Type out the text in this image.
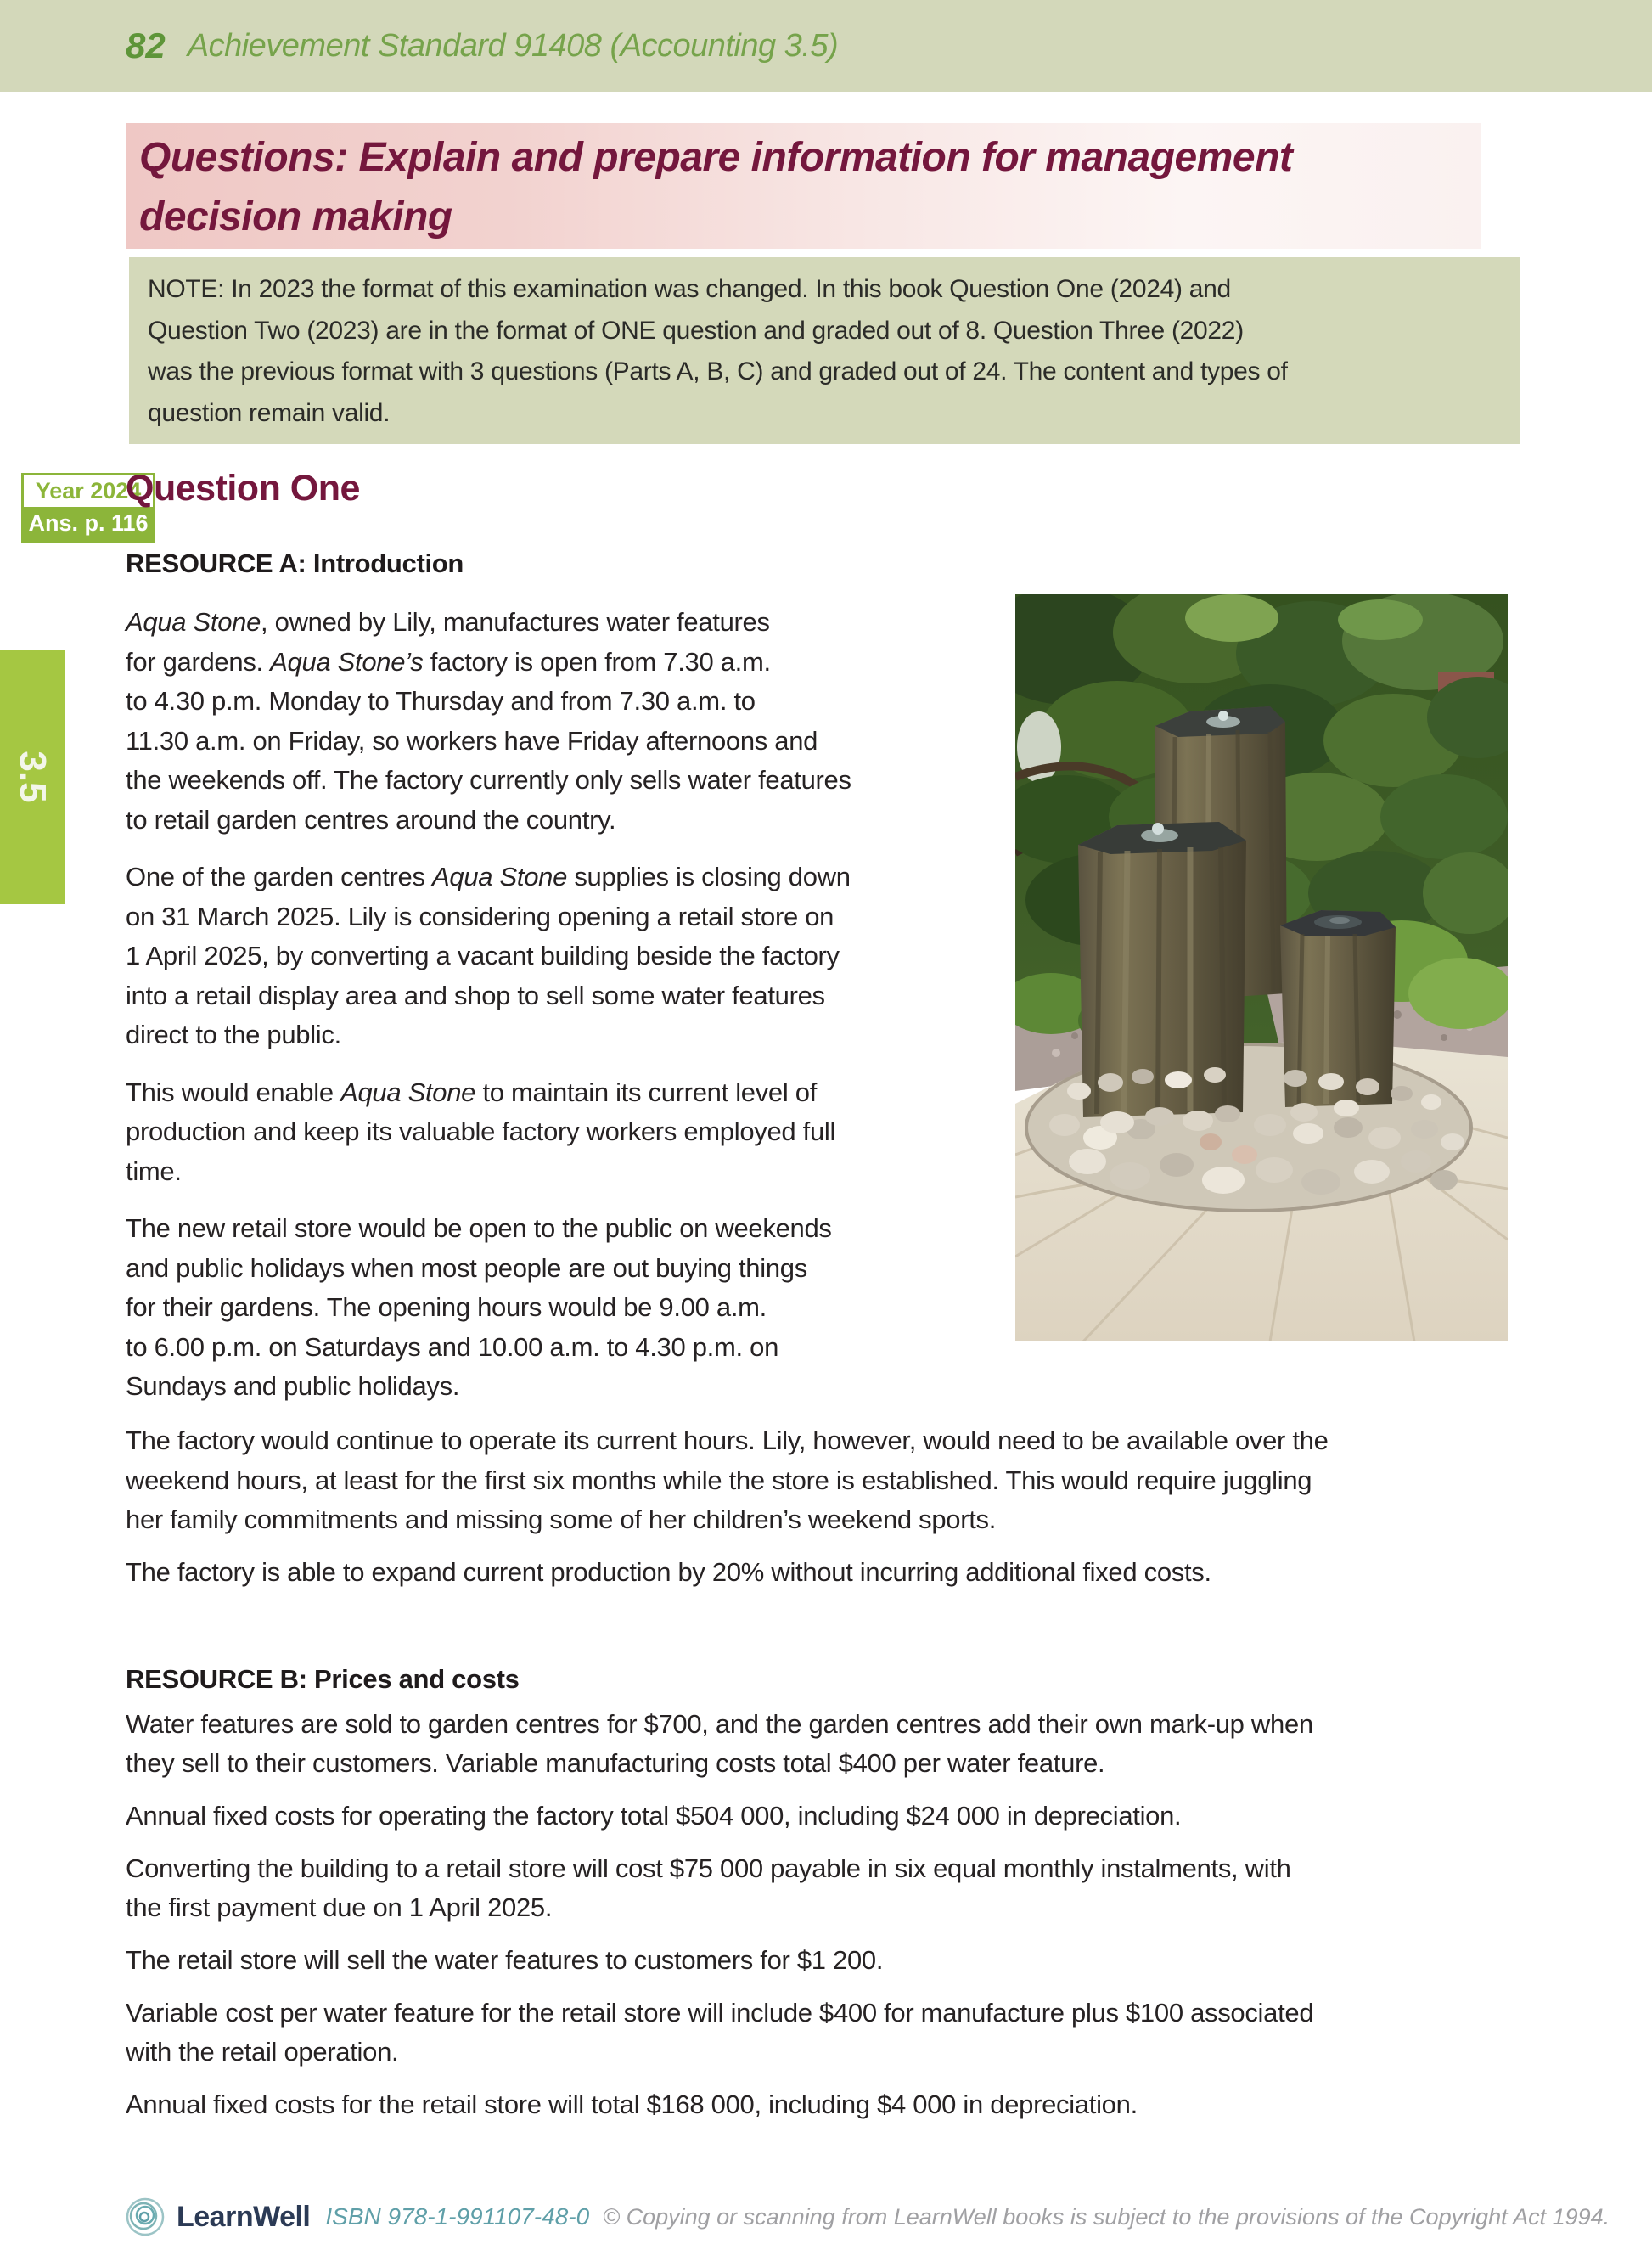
82 Achievement Standard 91408 (Accounting 3.5)
Questions: Explain and prepare information for management
decision making
NOTE: In 2023 the format of this examination was changed. In this book Question One (2024) and
Question Two (2023) are in the format of ONE question and graded out of 8. Question Three (2022)
was the previous format with 3 questions (Parts A, B, C) and graded out of 24. The content and types of
question remain valid.
Year 2024
Ans. p. 116
Question One
RESOURCE A: Introduction
Aqua Stone, owned by Lily, manufactures water features
for gardens. Aqua Stone’s factory is open from 7.30 a.m.
to 4.30 p.m. Monday to Thursday and from 7.30 a.m. to
11.30 a.m. on Friday, so workers have Friday afternoons and
the weekends off. The factory currently only sells water features
to retail garden centres around the country.
One of the garden centres Aqua Stone supplies is closing down
on 31 March 2025. Lily is considering opening a retail store on
1 April 2025, by converting a vacant building beside the factory
into a retail display area and shop to sell some water features
direct to the public.
This would enable Aqua Stone to maintain its current level of
production and keep its valuable factory workers employed full
time.
The new retail store would be open to the public on weekends
and public holidays when most people are out buying things
for their gardens. The opening hours would be 9.00 a.m.
to 6.00 p.m. on Saturdays and 10.00 a.m. to 4.30 p.m. on
Sundays and public holidays.
The factory would continue to operate its current hours. Lily, however, would need to be available over the
weekend hours, at least for the first six months while the store is established. This would require juggling
her family commitments and missing some of her children’s weekend sports.
The factory is able to expand current production by 20% without incurring additional fixed costs.
RESOURCE B: Prices and costs
Water features are sold to garden centres for $700, and the garden centres add their own mark-up when
they sell to their customers. Variable manufacturing costs total $400 per water feature.
Annual fixed costs for operating the factory total $504 000, including $24 000 in depreciation.
Converting the building to a retail store will cost $75 000 payable in six equal monthly instalments, with
the first payment due on 1 April 2025.
The retail store will sell the water features to customers for $1 200.
Variable cost per water feature for the retail store will include $400 for manufacture plus $100 associated
with the retail operation.
Annual fixed costs for the retail store will total $168 000, including $4 000 in depreciation.
3.5
LearnWell ISBN 978-1-991107-48-0 © Copying or scanning from LearnWell books is subject to the provisions of the Copyright Act 1994.
